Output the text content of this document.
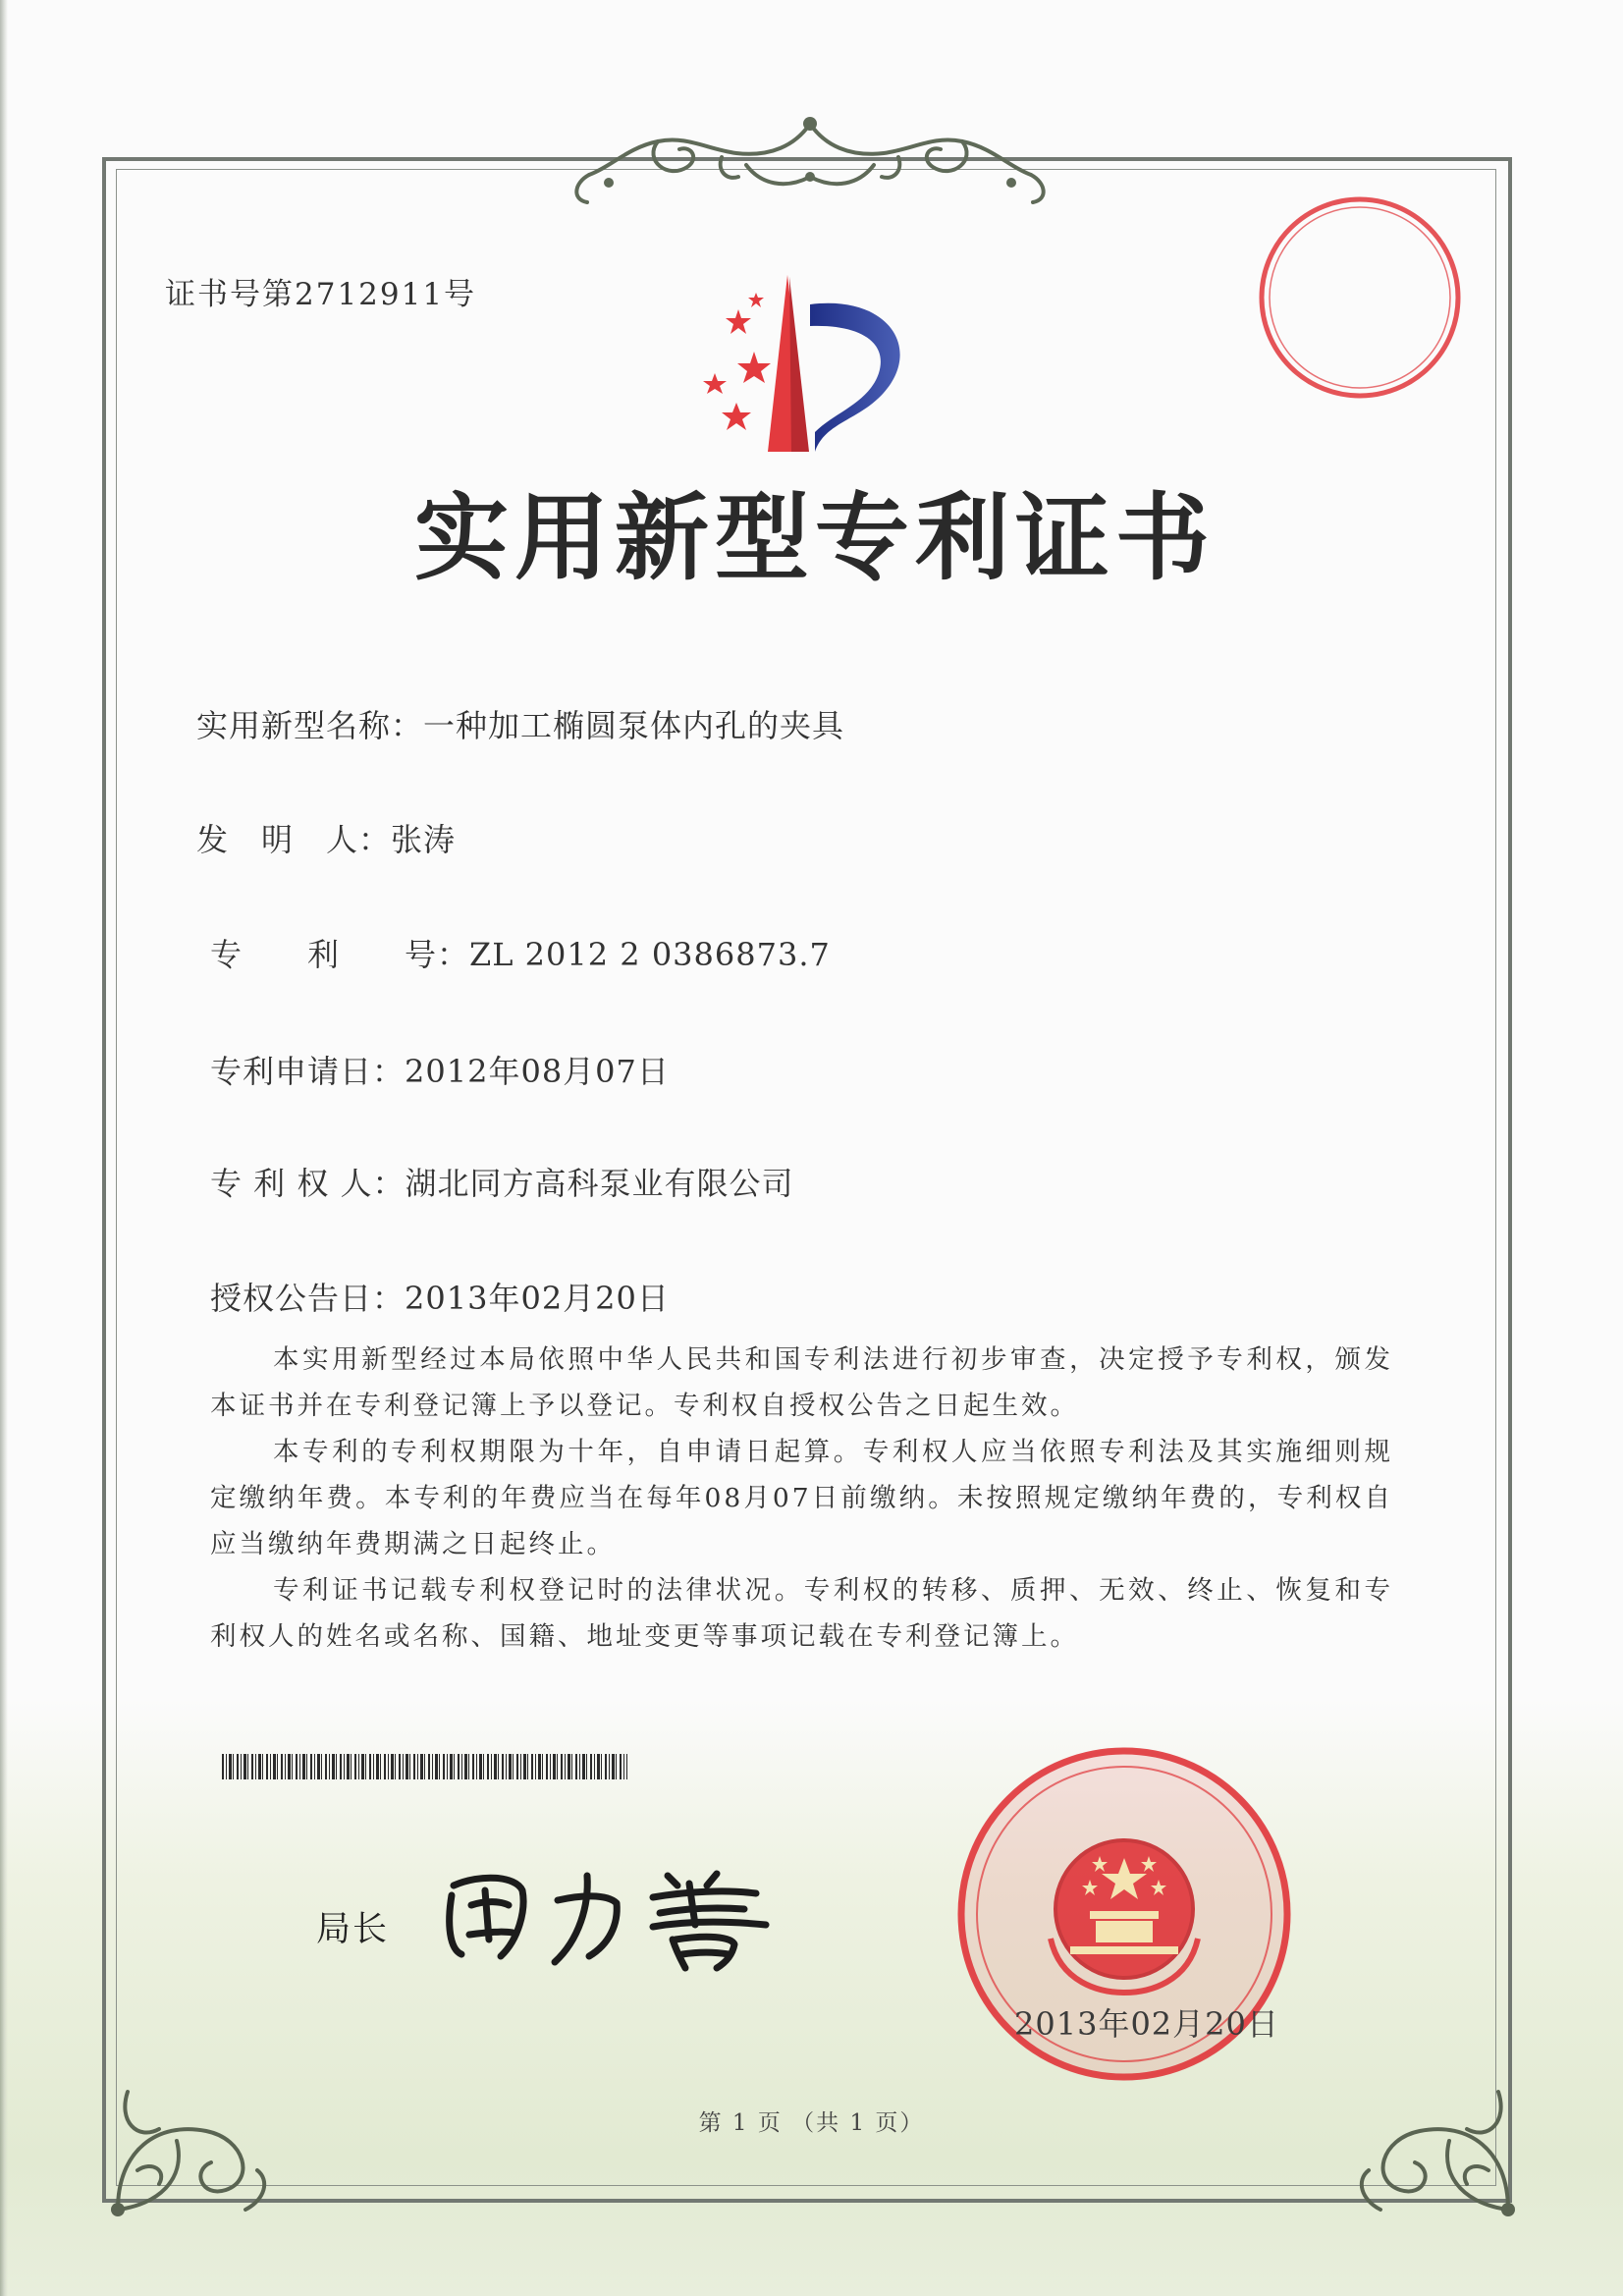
证书号第2712911号
实用新型专利证书
实用新型名称：一种加工椭圆泵体内孔的夹具
发　明　人：张涛
专　　利　　号：ZL 2012 2 0386873.7
专利申请日：2012年08月07日
专 利 权 人：湖北同方高科泵业有限公司
授权公告日：2013年02月20日

本实用新型经过本局依照中华人民共和国专利法进行初步审查，决定授予专利权，颁发本证书并在专利登记簿上予以登记。专利权自授权公告之日起生效。

本专利的专利权期限为十年，自申请日起算。专利权人应当依照专利法及其实施细则规定缴纳年费。本专利的年费应当在每年08月07日前缴纳。未按照规定缴纳年费的，专利权自应当缴纳年费期满之日起终止。

专利证书记载专利权登记时的法律状况。专利权的转移、质押、无效、终止、恢复和专利权人的姓名或名称、国籍、地址变更等事项记载在专利登记簿上。

局长
2013年02月20日
第 1 页 （共 1 页）
